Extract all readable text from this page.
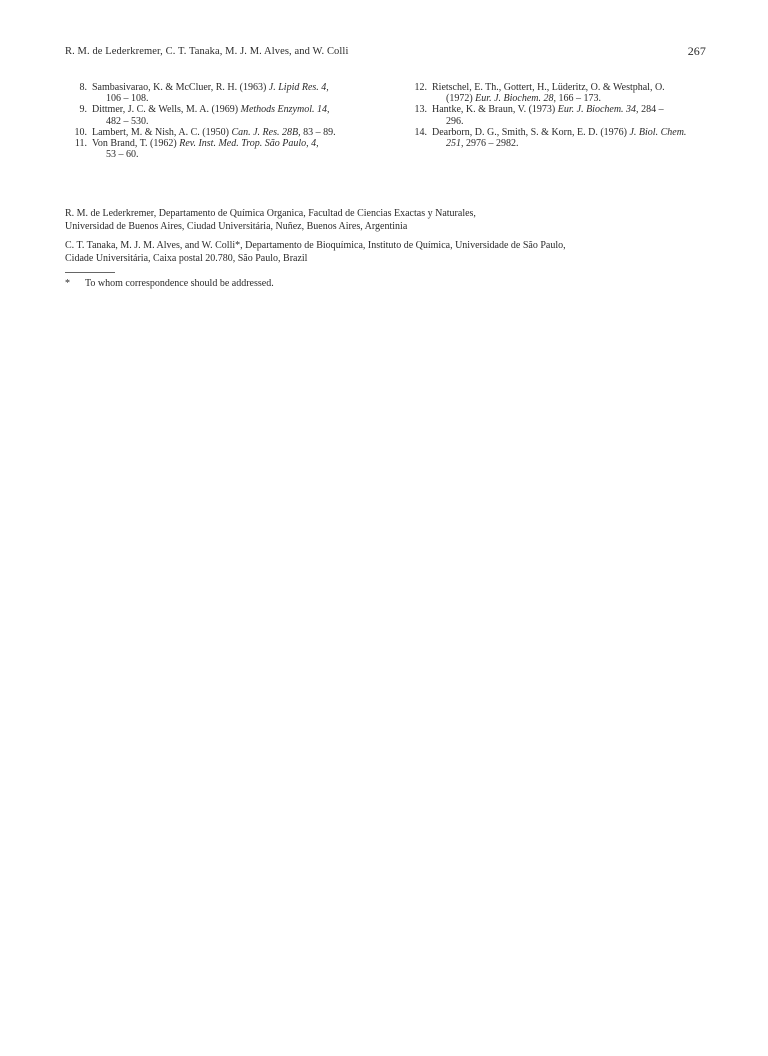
R. M. de Lederkremer, C. T. Tanaka, M. J. M. Alves, and W. Colli	267
8. Sambasivarao, K. & McCluer, R. H. (1963) J. Lipid Res. 4,
106 – 108.
9. Dittmer, J. C. & Wells, M. A. (1969) Methods Enzymol. 14,
482 – 530.
10. Lambert, M. & Nish, A. C. (1950) Can. J. Res. 28B, 83 – 89.
11. Von Brand, T. (1962) Rev. Inst. Med. Trop. São Paulo, 4,
53 – 60.
12. Rietschel, E. Th., Gottert, H., Lüderitz, O. & Westphal, O.
(1972) Eur. J. Biochem. 28, 166 – 173.
13. Hantke, K. & Braun, V. (1973) Eur. J. Biochem. 34, 284 –
296.
14. Dearborn, D. G., Smith, S. & Korn, E. D. (1976) J. Biol. Chem.
251, 2976 – 2982.
R. M. de Lederkremer, Departamento de Química Organica, Facultad de Ciencias Exactas y Naturales,
Universidad de Buenos Aires, Ciudad Universitária, Nuñez, Buenos Aires, Argentinia
C. T. Tanaka, M. J. M. Alves, and W. Colli*, Departamento de Bioquímica, Instituto de Química, Universidade de São Paulo,
Cidade Universitária, Caixa postal 20.780, São Paulo, Brazil
* To whom correspondence should be addressed.
